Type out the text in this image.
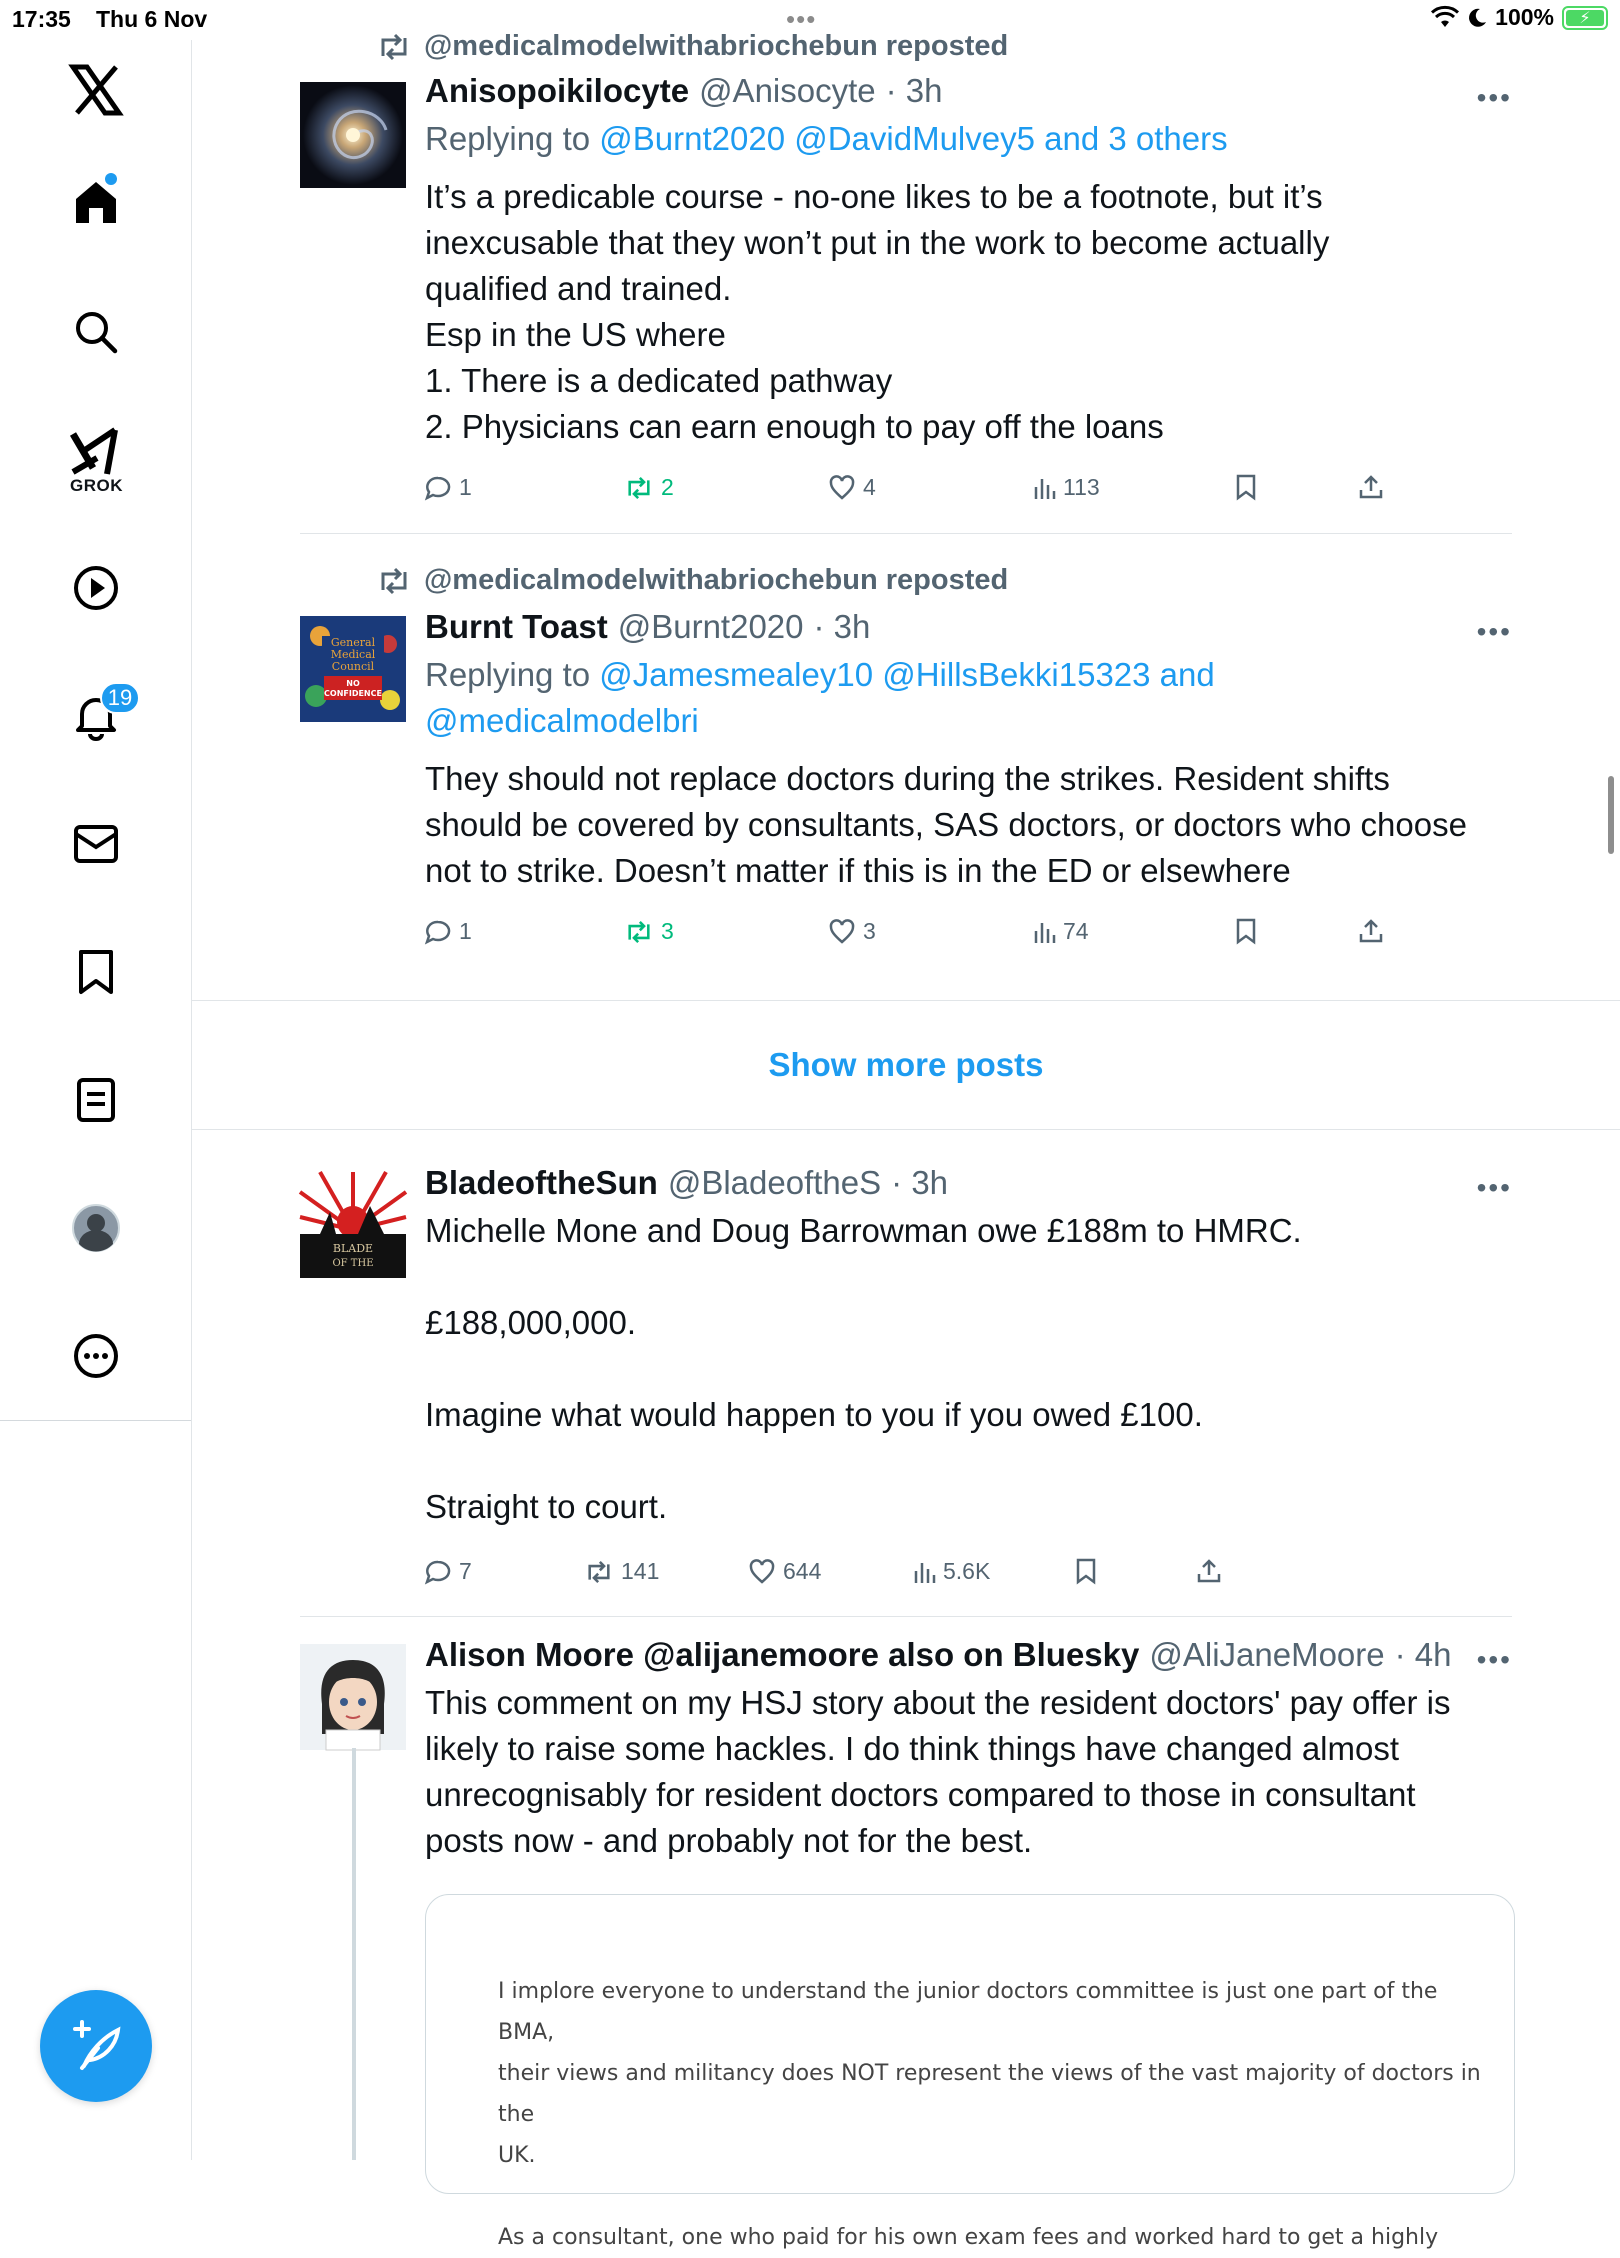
17:35 Thu 6 Nov	•••	100% ⚡
GROK
19
@medicalmodelwithabriochebun reposted
Anisopoikilocyte @Anisocyte · 3h
Replying to @Burnt2020 @DavidMulvey5 and 3 others
It’s a predicable course - no-one likes to be a footnote, but it’s
inexcusable that they won’t put in the work to become actually
qualified and trained.
Esp in the US where
1. There is a dedicated pathway
2. Physicians can earn enough to pay off the loans
•••
1	2	4	113
@medicalmodelwithabriochebun reposted
General
Medical
Council
NO
CONFIDENCE
Burnt Toast @Burnt2020 · 3h
Replying to @Jamesmealey10 @HillsBekki15323 and
@medicalmodelbri
They should not replace doctors during the strikes. Resident shifts
should be covered by consultants, SAS doctors, or doctors who choose
not to strike. Doesn’t matter if this is in the ED or elsewhere
•••
1	3	3	74
Show more posts
BLADE
OF THE
BladeoftheSun @BladeoftheS · 3h
Michelle Mone and Doug Barrowman owe £188m to HMRC.

£188,000,000.

Imagine what would happen to you if you owed £100.

Straight to court.
•••
7	141	644	5.6K
Alison Moore @alijanemoore also on Bluesky @AliJaneMoore · 4h
This comment on my HSJ story about the resident doctors' pay offer is
likely to raise some hackles. I do think things have changed almost
unrecognisably for resident doctors compared to those in consultant
posts now - and probably not for the best.
•••
I implore everyone to understand the junior doctors committee is just one part of the BMA,
their views and militancy does NOT represent the views of the vast majority of doctors in the
UK.

As a consultant, one who paid for his own exam fees and worked hard to get a highly
